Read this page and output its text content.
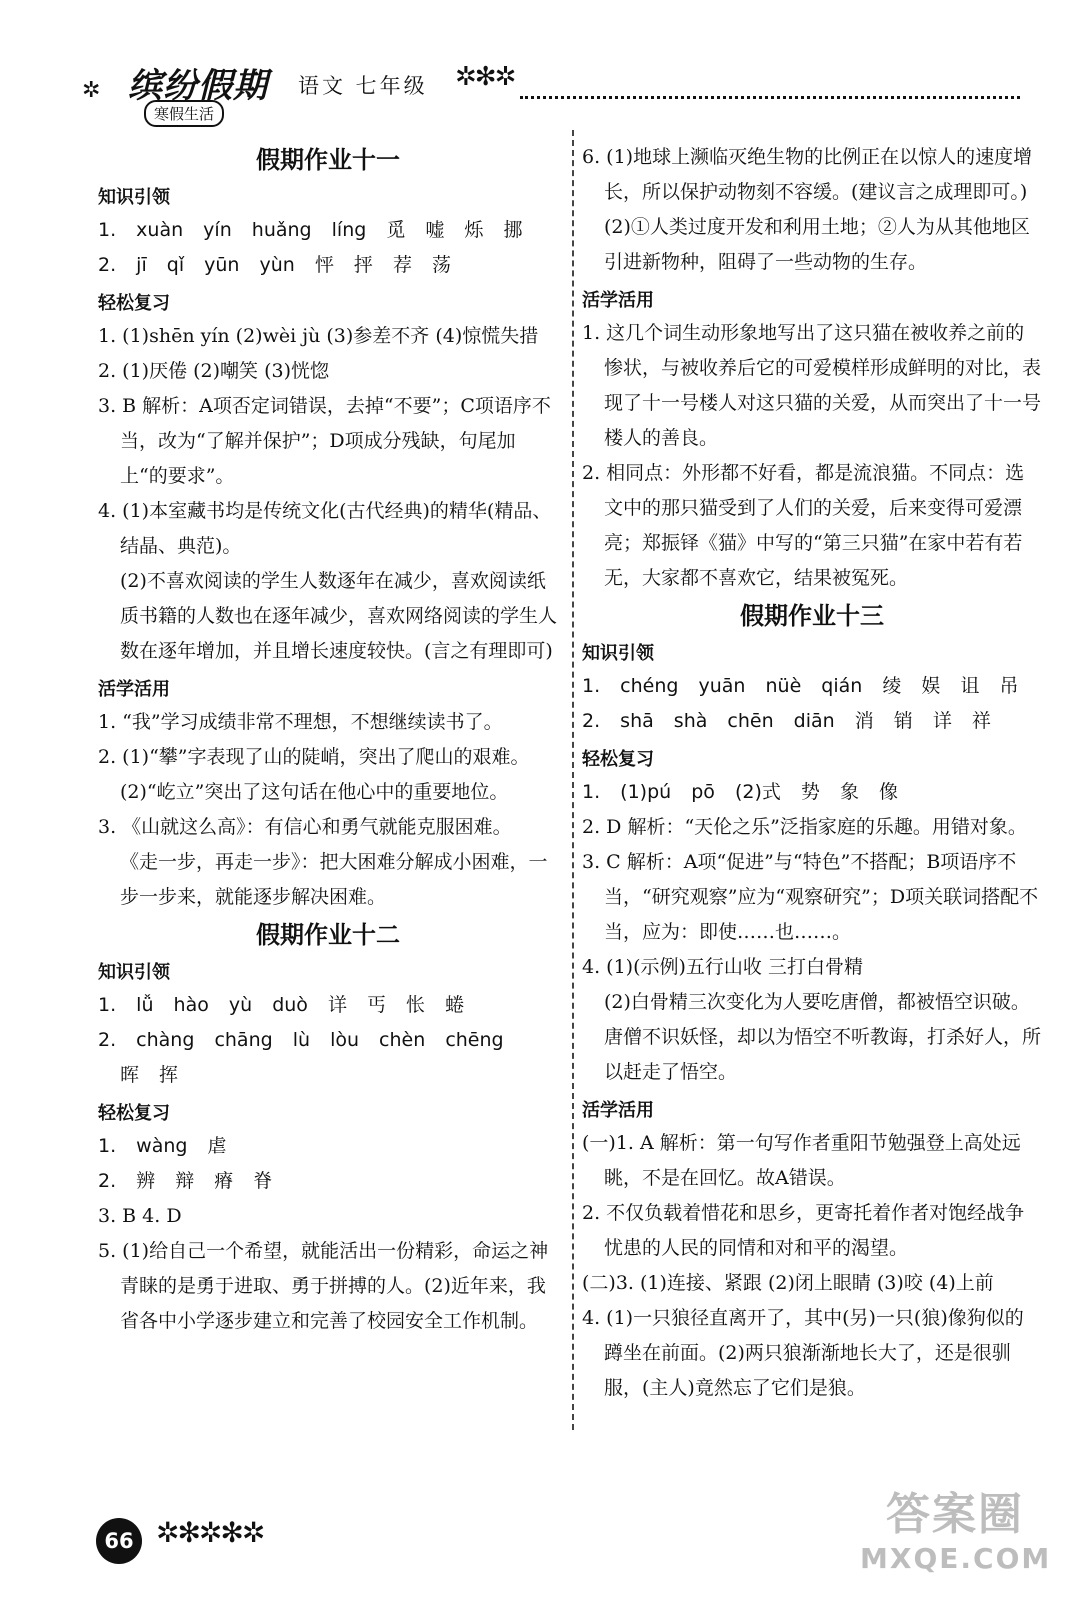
✲ 缤纷假期
寒假生活
语文 七年级 ✲✻✲
假期作业十一
知识引领

1. xuàn yín huǎng líng 觅 嘘 烁 挪

2. jī qǐ yūn yùn 怦 抨 荐 荡

轻松复习

1. (1)shēn yín (2)wèi jù (3)参差不齐 (4)惊慌失措

2. (1)厌倦 (2)嘲笑 (3)恍惚

3. B 解析：A项否定词错误，去掉“不要”；C项语序不当，改为“了解并保护”；D项成分残缺，句尾加上“的要求”。

4. (1)本室藏书均是传统文化(古代经典)的精华(精品、结晶、典范)。

(2)不喜欢阅读的学生人数逐年在减少，喜欢阅读纸质书籍的人数也在逐年减少，喜欢网络阅读的学生人数在逐年增加，并且增长速度较快。(言之有理即可)

活学活用

1. “我”学习成绩非常不理想，不想继续读书了。

2. (1)“攀”字表现了山的陡峭，突出了爬山的艰难。

(2)“屹立”突出了这句话在他心中的重要地位。

3. 《山就这么高》：有信心和勇气就能克服困难。

《走一步，再走一步》：把大困难分解成小困难，一步一步来，就能逐步解决困难。

假期作业十二
知识引领

1. lǚ hào yù duò 详 丐 怅 蜷

2. chàng chāng lù lòu chèn chēng

晖 挥

轻松复习

1. wàng 虐

2. 辨 辩 瘠 脊

3. B 4. D

5. (1)给自己一个希望，就能活出一份精彩，命运之神青睐的是勇于进取、勇于拼搏的人。(2)近年来，我省各中小学逐步建立和完善了校园安全工作机制。

6. (1)地球上濒临灭绝生物的比例正在以惊人的速度增长，所以保护动物刻不容缓。(建议言之成理即可。)

(2)①人类过度开发和利用土地；②人为从其他地区引进新物种，阻碍了一些动物的生存。

活学活用

1. 这几个词生动形象地写出了这只猫在被收养之前的惨状，与被收养后它的可爱模样形成鲜明的对比，表现了十一号楼人对这只猫的关爱，从而突出了十一号楼人的善良。

2. 相同点：外形都不好看，都是流浪猫。不同点：选文中的那只猫受到了人们的关爱，后来变得可爱漂亮；郑振铎《猫》中写的“第三只猫”在家中若有若无，大家都不喜欢它，结果被冤死。

假期作业十三
知识引领

1. chéng yuān nüè qián 绫 娱 诅 吊

2. shā shà chēn diān 消 销 详 祥

轻松复习

1. (1)pú pō (2)式 势 象 像

2. D 解析：“天伦之乐”泛指家庭的乐趣。用错对象。

3. C 解析：A项“促进”与“特色”不搭配；B项语序不当，“研究观察”应为“观察研究”；D项关联词搭配不当，应为：即使……也……。

4. (1)(示例)五行山收 三打白骨精

(2)白骨精三次变化为人要吃唐僧，都被悟空识破。唐僧不识妖怪，却以为悟空不听教诲，打杀好人，所以赶走了悟空。

活学活用

(一)1. A 解析：第一句写作者重阳节勉强登上高处远眺，不是在回忆。故A错误。

2. 不仅负载着惜花和思乡，更寄托着作者对饱经战争忧患的人民的同情和对和平的渴望。

(二)3. (1)连接、紧跟 (2)闭上眼睛 (3)咬 (4)上前

4. (1)一只狼径直离开了，其中(另)一只(狼)像狗似的蹲坐在前面。(2)两只狼渐渐地长大了，还是很驯服，(主人)竟然忘了它们是狼。

66 ✲✻✲✻✲	答案圈
MXQE.COM
